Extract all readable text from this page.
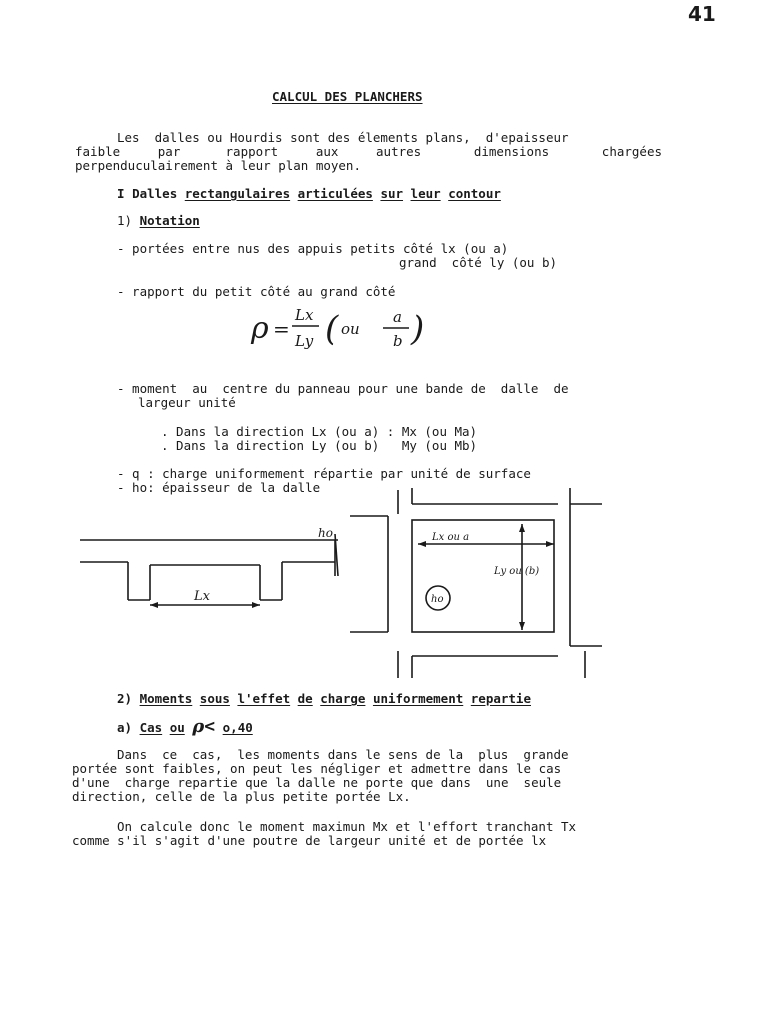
41
CALCUL DES PLANCHERS
Les  dalles ou Hourdis sont des élements plans,  d'epaisseur
faible     par      rapport     aux     autres       dimensions       chargées
perpenduculairement à leur plan moyen.
I Dalles rectangulaires articulées sur leur contour
1) Notation
- portées entre nus des appuis petits côté lx (ou a)
grand  côté ly (ou b)
- rapport du petit côté au grand côté
ρ =
Lx
Ly ( ou
a
b )
- moment  au  centre du panneau pour une bande de  dalle  de
largeur unité
. Dans la direction Lx (ou a) : Mx (ou Ma)
. Dans la direction Ly (ou b)   My (ou Mb)
- q : charge uniformement répartie par unité de surface
- ho: épaisseur de la dalle
ho
Lx
Lx ou a
Ly ou (b)
ho
2) Moments sous l'effet de charge uniformement repartie
a) Cas ou ρ< o,40
Dans  ce  cas,  les moments dans le sens de la  plus  grande
portée sont faibles, on peut les négliger et admettre dans le cas
d'une  charge repartie que la dalle ne porte que dans  une  seule
direction, celle de la plus petite portée Lx.
On calcule donc le moment maximun Mx et l'effort tranchant Tx
comme s'il s'agit d'une poutre de largeur unité et de portée lx
